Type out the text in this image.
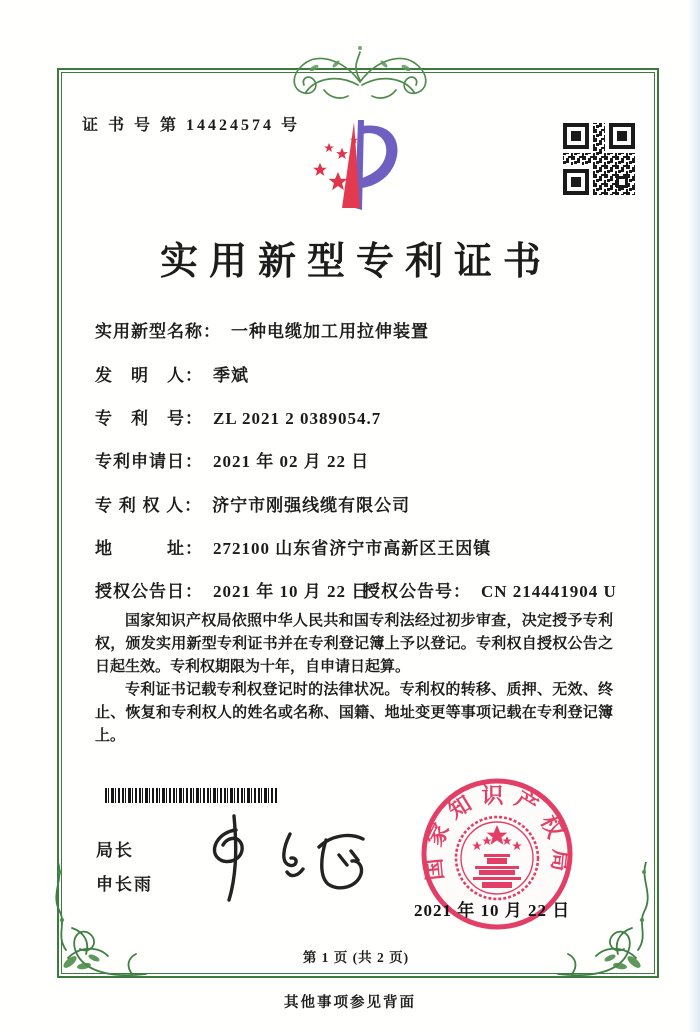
证 书 号 第 14424574 号
实用新型专利证书
实用新型名称： 一种电缆加工用拉伸装置
发　明　人： 季斌
专　利　号： ZL 2021 2 0389054.7
专利申请日： 2021 年 02 月 22 日
专 利 权 人： 济宁市刚强线缆有限公司
地　　　址： 272100 山东省济宁市高新区王因镇
授权公告日： 2021 年 10 月 22 日
授权公告号： CN 214441904 U

国家知识产权局依照中华人民共和国专利法经过初步审查，决定授予专利权，颁发实用新型专利证书并在专利登记簿上予以登记。专利权自授权公告之日起生效。专利权期限为十年，自申请日起算。

专利证书记载专利权登记时的法律状况。专利权的转移、质押、无效、终止、恢复和专利权人的姓名或名称、国籍、地址变更等事项记载在专利登记簿上。

局长
申长雨
国家知识产权局
2021 年 10 月 22 日
第 1 页 (共 2 页)
其他事项参见背面
